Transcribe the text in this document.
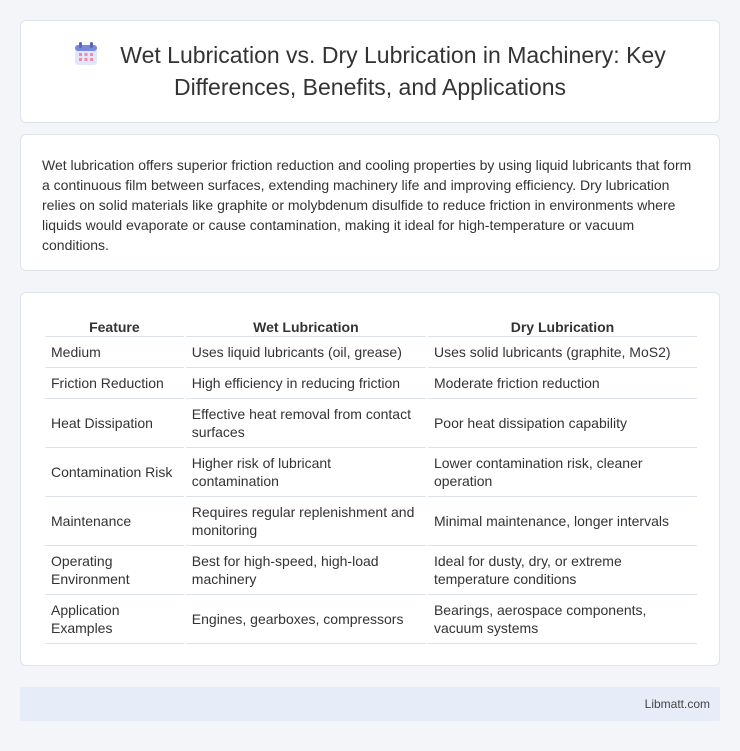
Wet Lubrication vs. Dry Lubrication in Machinery: Key Differences, Benefits, and Applications

Wet lubrication offers superior friction reduction and cooling properties by using liquid lubricants that form a continuous film between surfaces, extending machinery life and improving efficiency. Dry lubrication relies on solid materials like graphite or molybdenum disulfide to reduce friction in environments where liquids would evaporate or cause contamination, making it ideal for high-temperature or vacuum conditions.

Feature	Wet Lubrication	Dry Lubrication
Medium	Uses liquid lubricants (oil, grease)	Uses solid lubricants (graphite, MoS2)
Friction Reduction	High efficiency in reducing friction	Moderate friction reduction
Heat Dissipation	Effective heat removal from contact surfaces	Poor heat dissipation capability
Contamination Risk	Higher risk of lubricant contamination	Lower contamination risk, cleaner operation
Maintenance	Requires regular replenishment and monitoring	Minimal maintenance, longer intervals
Operating Environment	Best for high-speed, high-load machinery	Ideal for dusty, dry, or extreme temperature conditions
Application Examples	Engines, gearboxes, compressors	Bearings, aerospace components, vacuum systems
Libmatt.com
